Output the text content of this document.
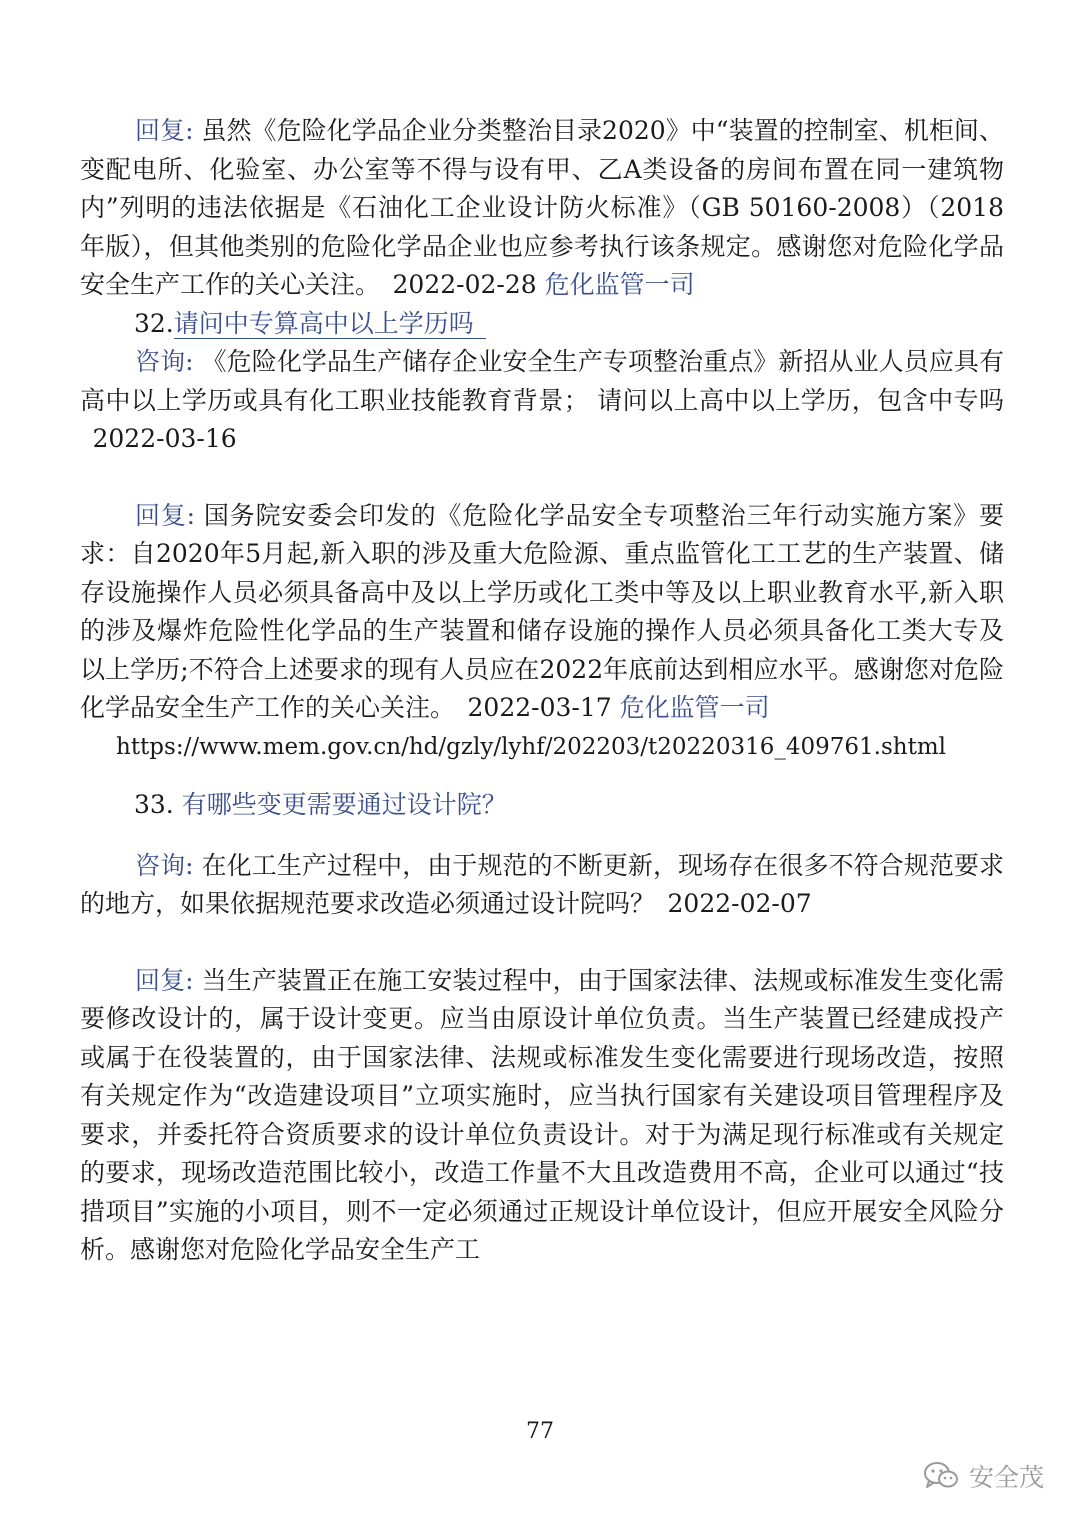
回复: 虽然《危险化学品企业分类整治目录2020》中“装置的控制室、机柜间、变配电所、化验室、办公室等不得与设有甲、乙A类设备的房间布置在同一建筑物内”列明的违法依据是《石油化工企业设计防火标准》（GB 50160-2008）（2018年版），但其他类别的危险化学品企业也应参考执行该条规定。感谢您对危险化学品安全生产工作的关心关注。 2022-02-28 危化监管一司

32.请问中专算高中以上学历吗

咨询: 《危险化学品生产储存企业安全生产专项整治重点》新招从业人员应具有高中以上学历或具有化工职业技能教育背景； 请问以上高中以上学历，包含中专吗2022-03-16

回复: 国务院安委会印发的《危险化学品安全专项整治三年行动实施方案》要求：自2020年5月起,新入职的涉及重大危险源、重点监管化工工艺的生产装置、储存设施操作人员必须具备高中及以上学历或化工类中等及以上职业教育水平,新入职的涉及爆炸危险性化学品的生产装置和储存设施的操作人员必须具备化工类大专及以上学历;不符合上述要求的现有人员应在2022年底前达到相应水平。感谢您对危险化学品安全生产工作的关心关注。 2022-03-17 危化监管一司

https://www.mem.gov.cn/hd/gzly/lyhf/202203/t20220316_409761.shtml

33. 有哪些变更需要通过设计院？

咨询: 在化工生产过程中，由于规范的不断更新，现场存在很多不符合规范要求的地方，如果依据规范要求改造必须通过设计院吗？ 2022-02-07

回复: 当生产装置正在施工安装过程中，由于国家法律、法规或标准发生变化需要修改设计的，属于设计变更。应当由原设计单位负责。当生产装置已经建成投产或属于在役装置的，由于国家法律、法规或标准发生变化需要进行现场改造，按照有关规定作为“改造建设项目”立项实施时，应当执行国家有关建设项目管理程序及要求，并委托符合资质要求的设计单位负责设计。对于为满足现行标准或有关规定的要求，现场改造范围比较小，改造工作量不大且改造费用不高，企业可以通过“技措项目”实施的小项目，则不一定必须通过正规设计单位设计，但应开展安全风险分析。感谢您对危险化学品安全生产工

77
安全茂
